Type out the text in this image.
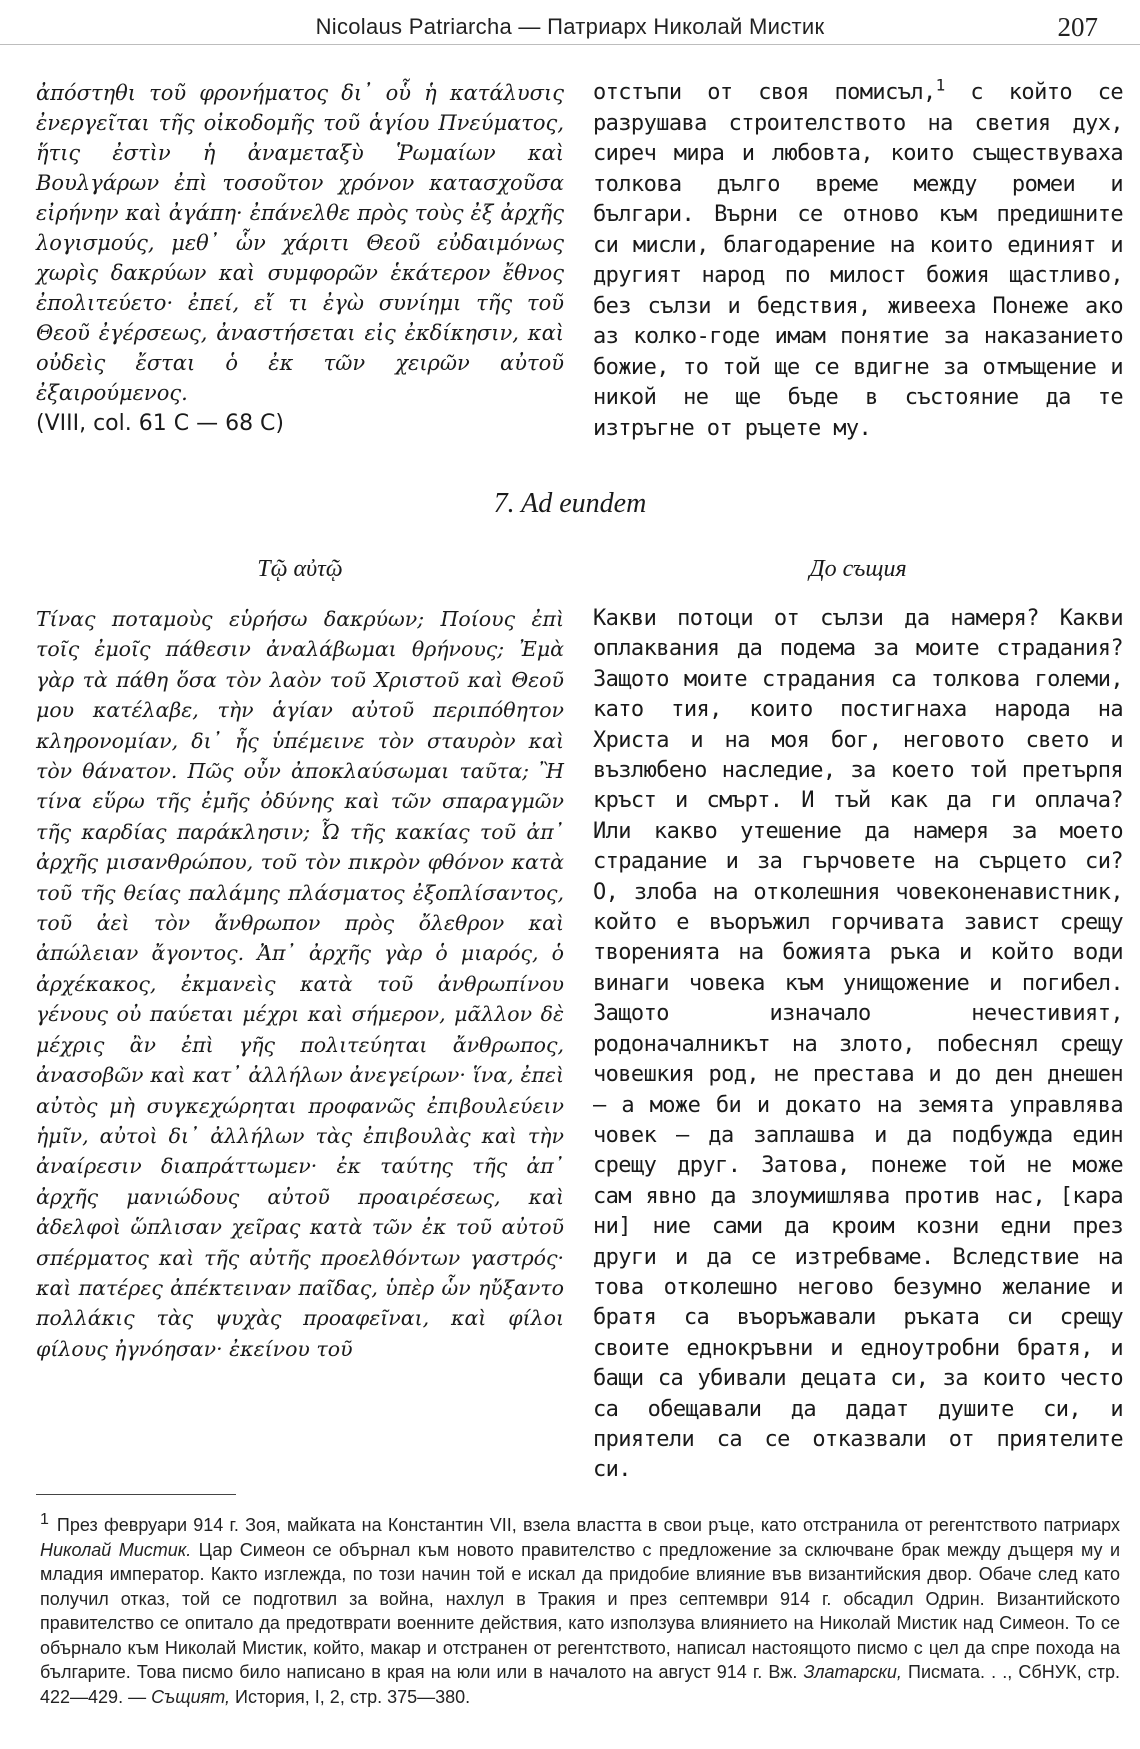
Nicolaus Patriarcha — Патриарх Николай Мистик	207
ἀπόστηθι τοῦ φρονήματος δι᾽ οὗ ἡ κατάλυσις ἐνεργεῖται τῆς οἰκοδομῆς τοῦ ἁγίου Πνεύματος, ἥτις ἐστὶν ἡ ἀναμεταξὺ Ῥωμαίων καὶ Βουλγάρων ἐπὶ τοσοῦτον χρόνον κατασχοῦσα εἰρήνην καὶ ἀγάπη· ἐπάνελθε πρὸς τοὺς ἐξ ἀρχῆς λογισμούς, μεθ᾽ ὧν χάριτι Θεοῦ εὐδαιμόνως χωρὶς δακρύων καὶ συμφορῶν ἑκάτερον ἔθνος ἐπολιτεύετο· ἐπεί, εἴ τι ἐγὼ συνίημι τῆς τοῦ Θεοῦ ἐγέρσεως, ἀναστήσεται εἰς ἐκδίκησιν, καὶ οὐδεὶς ἔσται ὁ ἐκ τῶν χειρῶν αὐτοῦ ἐξαιρούμενος.
(VIII, col. 61 C — 68 C)
отстъпи от своя помисъл,$^1$ с който се разрушава строителството на светия дух, сиреч мира и любовта, които съществуваха толкова дълго време между ромеи и българи. Върни се отново към предишните си мисли, благодарение на които единият и другият народ по милост божия щастливо, без сълзи и бедствия, живееха Понеже ако аз колко-годе имам понятие за наказанието божие, то той ще се вдигне за отмъщение и никой не ще бъде в състояние да те изтръгне от ръцете му.
7. Ad eundem
Τῷ αὐτῷ	До същия
Τίνας ποταμοὺς εὑρήσω δακρύων; Ποίους ἐπὶ τοῖς ἐμοῖς πάθεσιν ἀναλάβωμαι θρήνους; Ἐμὰ γὰρ τὰ πάθη ὅσα τὸν λαὸν τοῦ Χριστοῦ καὶ Θεοῦ μου κατέλαβε, τὴν ἁγίαν αὐτοῦ περιπόθητον κληρονομίαν, δι᾽ ἧς ὑπέμεινε τὸν σταυρὸν καὶ τὸν θάνατον. Πῶς οὖν ἀποκλαύσωμαι ταῦτα; Ἢ τίνα εὕρω τῆς ἐμῆς ὀδύνης καὶ τῶν σπαραγμῶν τῆς καρδίας παράκλησιν; Ὦ τῆς κακίας τοῦ ἀπ᾽ ἀρχῆς μισανθρώπου, τοῦ τὸν πικρὸν φθόνον κατὰ τοῦ τῆς θείας παλάμης πλάσματος ἐξοπλίσαντος, τοῦ ἀεὶ τὸν ἄνθρωπον πρὸς ὄλεθρον καὶ ἀπώλειαν ἄγοντος. Ἀπ᾽ ἀρχῆς γὰρ ὁ μιαρός, ὁ ἀρχέκακος, ἐκμανεὶς κατὰ τοῦ ἀνθρωπίνου γένους οὐ παύεται μέχρι καὶ σήμερον, μᾶλλον δὲ μέχρις ἂν ἐπὶ γῆς πολιτεύηται ἄνθρωπος, ἀνασοβῶν καὶ κατ᾽ ἀλλήλων ἀνεγείρων· ἵνα, ἐπεὶ αὐτὸς μὴ συγκεχώρηται προφανῶς ἐπιβουλεύειν ἡμῖν, αὐτοὶ δι᾽ ἀλλήλων τὰς ἐπιβουλὰς καὶ τὴν ἀναίρεσιν διαπράττωμεν· ἐκ ταύτης τῆς ἀπ᾽ ἀρχῆς μανιώδους αὐτοῦ προαιρέσεως, καὶ ἀδελφοὶ ὥπλισαν χεῖρας κατὰ τῶν ἐκ τοῦ αὐτοῦ σπέρματος καὶ τῆς αὐτῆς προελθόντων γαστρός· καὶ πατέρες ἀπέκτειναν παῖδας, ὑπὲρ ὧν ηὔξαντο πολλάκις τὰς ψυχὰς προαφεῖναι, καὶ φίλοι φίλους ἠγνόησαν· ἐκείνου τοῦ
Какви потоци от сълзи да намеря? Какви оплаквания да подема за моите страдания? Защото моите страдания са толкова големи, като тия, които постигнаха народа на Христа и на моя бог, неговото свето и възлюбено наследие, за което той претърпя кръст и смърт. И тъй как да ги оплача? Или какво утешение да намеря за моето страдание и за гърчовете на сърцето си? О, злоба на отколешния човеконенавистник, който е въоръжил горчивата завист срещу творенията на божията ръка и който води винаги човека към унищожение и погибел. Защото изначало нечестивият, родоначалникът на злото, побеснял срещу човешкия род, не престава и до ден днешен — а може би и докато на земята управлява човек — да заплашва и да подбужда един срещу друг. Затова, понеже той не може сам явно да злоумишлява против нас, [кара ни] ние сами да кроим козни едни през други и да се изтребваме. Вследствие на това отколешно негово безумно желание и братя са въоръжавали ръката си срещу своите еднокръвни и едноутробни братя, и бащи са убивали децата си, за които често са обещавали да дадат душите си, и приятели са се отказвали от приятелите си.
1 През февруари 914 г. Зоя, майката на Константин VII, взела властта в свои ръце, като отстранила от регентството патриарх Николай Мистик. Цар Симеон се обърнал към новото правителство с предложение за сключване брак между дъщеря му и младия император. Както изглежда, по този начин той е искал да придобие влияние във византийския двор. Обаче след като получил отказ, той се подготвил за война, нахлул в Тракия и през септември 914 г. обсадил Одрин. Византийското правителство се опитало да предотврати военните действия, като използува влиянието на Николай Мистик над Симеон. То се обърнало към Николай Мистик, който, макар и отстранен от регентството, написал настоящото писмо с цел да спре похода на българите. Това писмо било написано в края на юли или в началото на август 914 г. Вж. Златарски, Писмата. . ., СбНУК, стр. 422—429. — Същият, История, I, 2, стр. 375—380.
